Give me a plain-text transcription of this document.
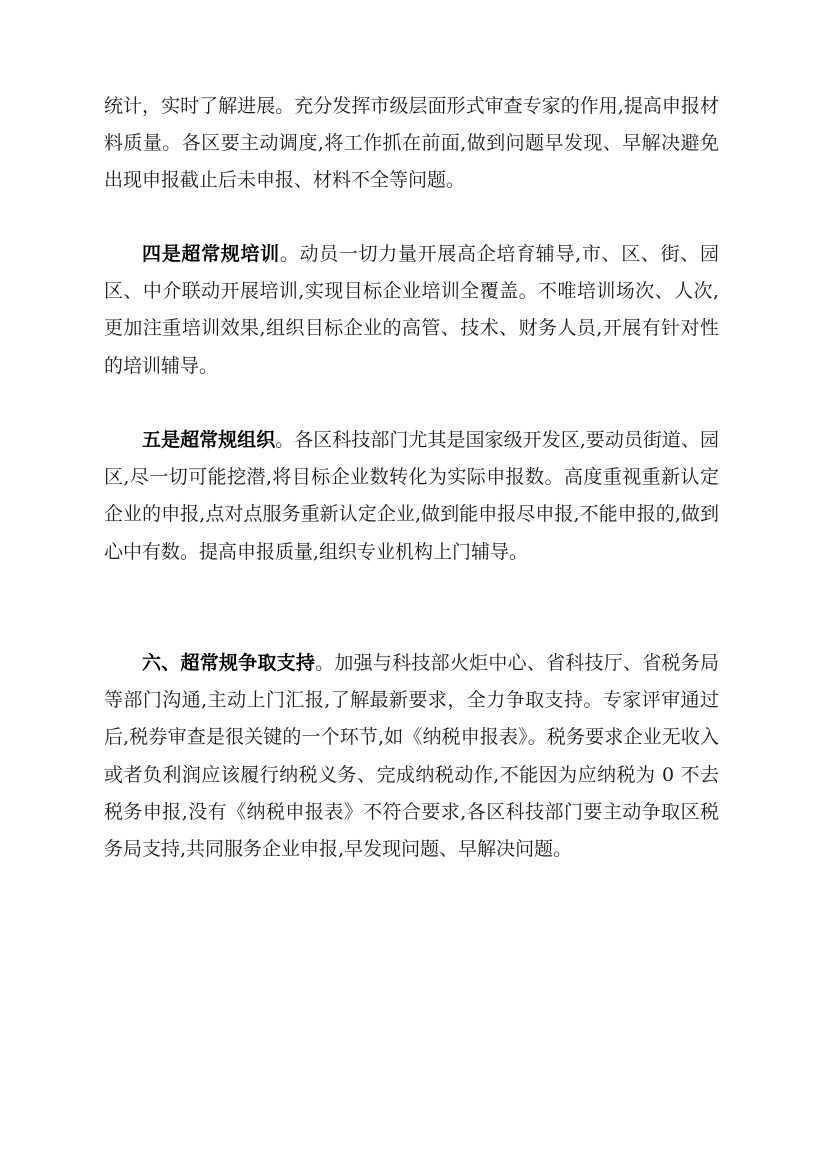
统计，实时了解进展。充分发挥市级层面形式审查专家的作用,提高申报材料质量。各区要主动调度,将工作抓在前面,做到问题早发现、早解决避免出现申报截止后未申报、材料不全等问题。

四是超常规培训。动员一切力量开展高企培育辅导,市、区、街、园区、中介联动开展培训,实现目标企业培训全覆盖。不唯培训场次、人次,更加注重培训效果,组织目标企业的高管、技术、财务人员,开展有针对性的培训辅导。

五是超常规组织。各区科技部门尤其是国家级开发区,要动员街道、园区,尽一切可能挖潜,将目标企业数转化为实际申报数。高度重视重新认定企业的申报,点对点服务重新认定企业,做到能申报尽申报,不能申报的,做到心中有数。提高申报质量,组织专业机构上门辅导。

六、超常规争取支持。加强与科技部火炬中心、省科技厅、省税务局等部门沟通,主动上门汇报,了解最新要求，全力争取支持。专家评审通过后,税券审查是很关键的一个环节,如《纳税申报表》。税务要求企业无收入或者负利润应该履行纳税义务、完成纳税动作,不能因为应纳税为 0 不去税务申报,没有《纳税申报表》不符合要求,各区科技部门要主动争取区税务局支持,共同服务企业申报,早发现问题、早解决问题。
